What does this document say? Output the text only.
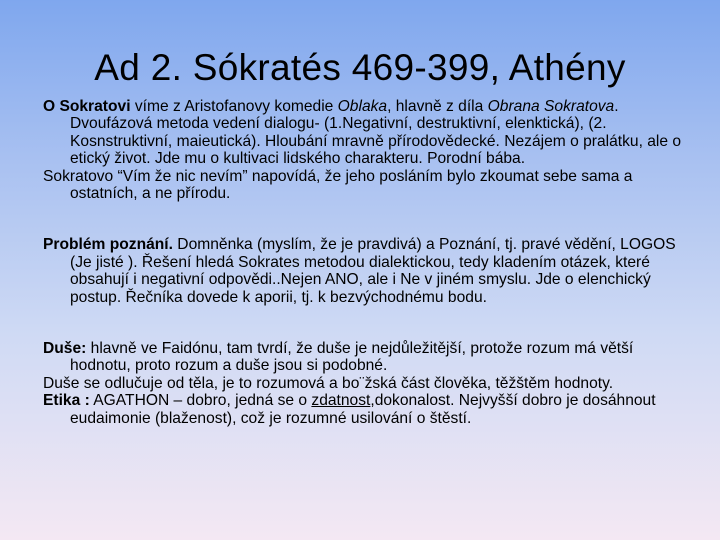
Ad 2. Sókratés 469-399, Athény

O Sokratovi víme z Aristofanovy komedie Oblaka, hlavně z díla Obrana Sokratova. Dvoufázová metoda vedení dialogu- (1.Negativní, destruktivní, elenktická), (2. Kosnstruktivní, maieutická). Hloubání mravně přírodovědecké. Nezájem o pralátku, ale o etický život. Jde mu o kultivaci lidského charakteru. Porodní bába.

Sokratovo “Vím že nic nevím” napovídá, že jeho posláním bylo zkoumat sebe sama a ostatních, a ne přírodu.

Problém poznání. Domněnka (myslím, že je pravdivá) a Poznání, tj. pravé vědění, LOGOS (Je jisté ). Řešení hledá Sokrates metodou dialektickou, tedy kladením otázek, které obsahují i negativní odpovědi..Nejen ANO, ale i Ne v jiném smyslu. Jde o elenchický postup. Řečníka dovede k aporii, tj. k bezvýchodnému bodu.

Duše: hlavně ve Faidónu, tam tvrdí, že duše je nejdůležitější, protože rozum má větší hodnotu, proto rozum a duše jsou si podobné.

Duše se odlučuje od těla, je to rozumová a bo¨žská část člověka, těžštěm hodnoty.

Etika : AGATHON – dobro, jedná se o zdatnost,dokonalost. Nejvyšší dobro je dosáhnout eudaimonie (blaženost), což je rozumné usilování o štěstí.
